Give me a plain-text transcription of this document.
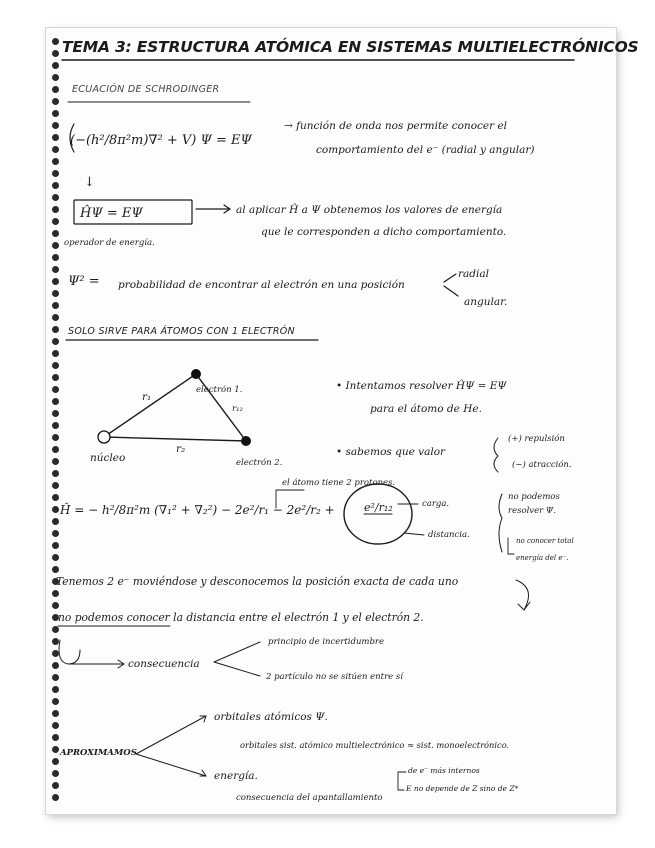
TEMA 3: ESTRUCTURA ATÓMICA EN SISTEMAS MULTIELECTRÓNICOS
ECUACIÓN DE SCHRODINGER
(−(h²/8π²m)∇² + V) Ψ = EΨ
→ función de onda nos permite conocer el
comportamiento del e⁻ (radial y angular)
↓
ĤΨ = EΨ	al aplicar Ĥ a Ψ obtenemos los valores de energía
que le corresponden a dicho comportamiento.
operador de energía.
Ψ² = probabilidad de encontrar al electrón en una posición
radial
angular.
SOLO SIRVE PARA ÁTOMOS CON 1 ELECTRÓN
r₁
r₂
r₁₂
electrón 1.
electrón 2.
núcleo
• Intentamos resolver ĤΨ = EΨ
para el átomo de He.
• sabemos que valor
(+) repulsión
(−) atracción.
el átomo tiene 2 protones.
Ĥ = − h²/8π²m (∇₁² + ∇₂²) − 2e²/r₁ − 2e²/r₂ +	e²/r₁₂	carga.
distancia.
no podemos
resolver Ψ.
no conocer total
energía del e⁻.
Tenemos 2 e⁻ moviéndose y desconocemos la posición exacta de cada uno
no podemos conocer la distancia entre el electrón 1 y el electrón 2.
consecuencia
principio de incertidumbre
2 partículo no se sitúen entre sí
APROXIMAMOS
orbitales atómicos Ψ.
orbitales sist. atómico multielectrónico ≈ sist. monoelectrónico.
energía.
consecuencia del apantallamiento
de e⁻ más internos
E no depende de Z sino de Z*
